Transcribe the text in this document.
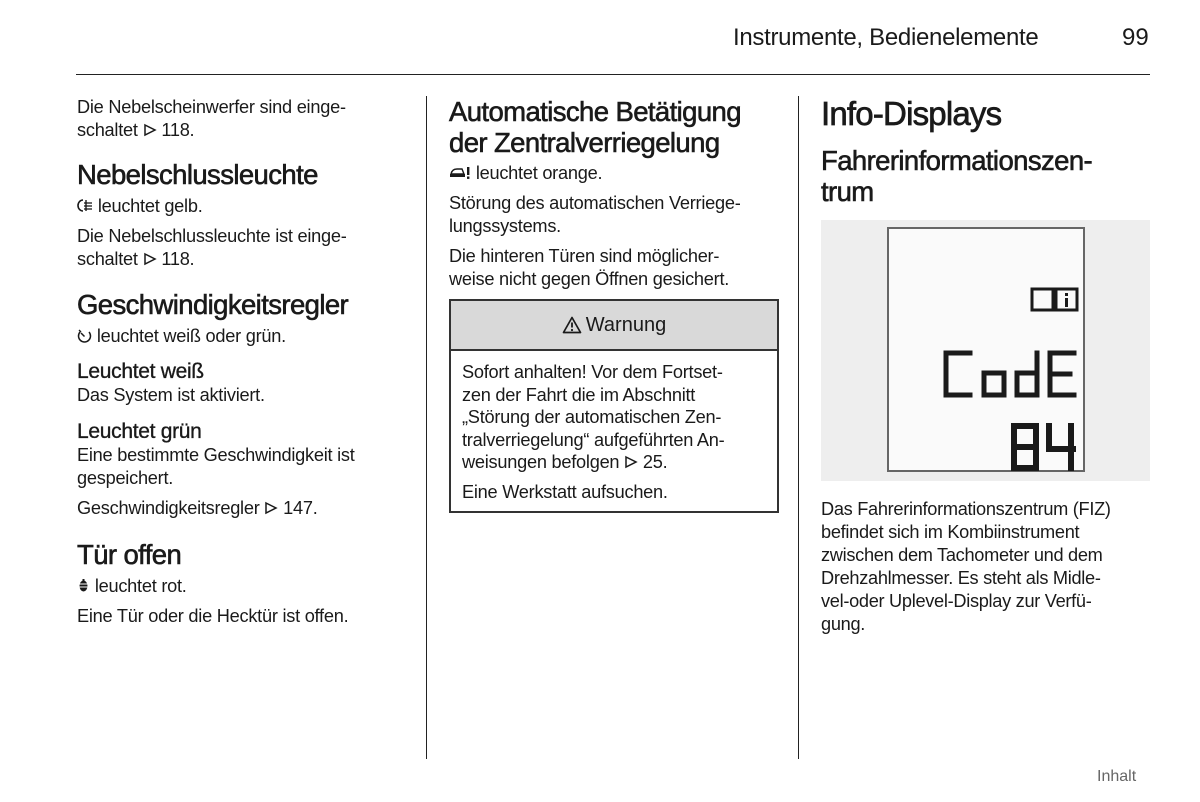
Instrumente, Bedienelemente	99

Die Nebelscheinwerfer sind einge-
schaltet 118.

Nebelschlussleuchte

leuchtet gelb.

Die Nebelschlussleuchte ist einge-
schaltet 118.

Geschwindigkeitsregler

leuchtet weiß oder grün.

Leuchtet weiß

Das System ist aktiviert.

Leuchtet grün

Eine bestimmte Geschwindigkeit ist
gespeichert.

Geschwindigkeitsregler 147.

Tür offen

leuchtet rot.

Eine Tür oder die Hecktür ist offen.

Automatische Betätigung
der Zentralverriegelung

leuchtet orange.

Störung des automatischen Verriege-
lungssystems.

Die hinteren Türen sind möglicher-
weise nicht gegen Öffnen gesichert.

Warnung

Sofort anhalten! Vor dem Fortset-
zen der Fahrt die im Abschnitt
„Störung der automatischen Zen-
tralverriegelung“ aufgeführten An-
weisungen befolgen 25.

Eine Werkstatt aufsuchen.

Info-Displays
Fahrerinformationszen-
trum

Das Fahrerinformationszentrum (FIZ)
befindet sich im Kombiinstrument
zwischen dem Tachometer und dem
Drehzahlmesser. Es steht als Midle-
vel-oder Uplevel-Display zur Verfü-
gung.

Inhalt
